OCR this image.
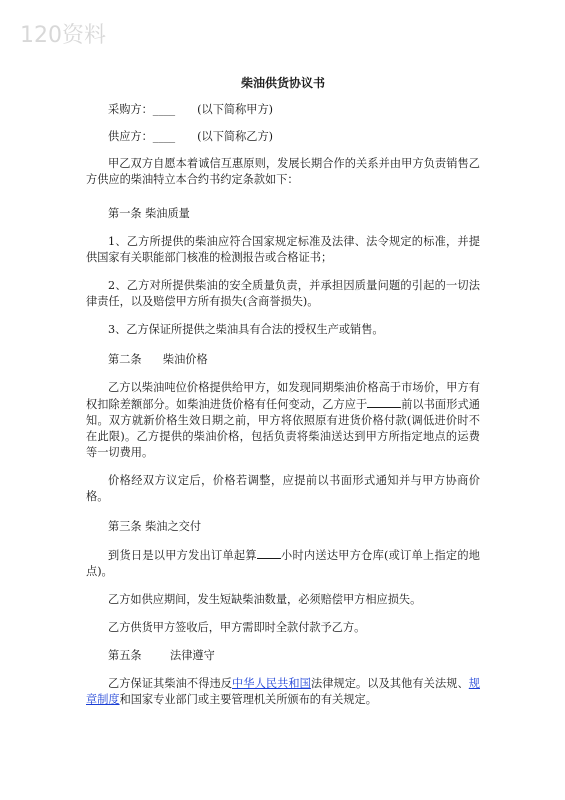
120资料

柴油供货协议书

采购方：____ (以下简称甲方)

供应方：____ (以下简称乙方)

甲乙双方自愿本着诚信互惠原则，发展长期合作的关系并由甲方负责销售乙方供应的柴油特立本合约书约定条款如下：

第一条 柴油质量

1、乙方所提供的柴油应符合国家规定标准及法律、法令规定的标准，并提供国家有关职能部门核准的检测报告或合格证书；

2、乙方对所提供柴油的安全质量负责，并承担因质量问题的引起的一切法律责任，以及赔偿甲方所有损失(含商誉损失)。

3、乙方保证所提供之柴油具有合法的授权生产或销售。

第二条      柴油价格

乙方以柴油吨位价格提供给甲方，如发现同期柴油价格高于市场价，甲方有权扣除差额部分。如柴油进货价格有任何变动，乙方应于	前以书面形式通知。双方就新价格生效日期之前，甲方将依照原有进货价格付款(调低进价时不在此限)。乙方提供的柴油价格，包括负责将柴油送达到甲方所指定地点的运费等一切费用。

价格经双方议定后，价格若调整，应提前以书面形式通知并与甲方协商价格。

第三条 柴油之交付

到货日是以甲方发出订单起算 小时内送达甲方仓库(或订单上指定的地点)。

乙方如供应期间，发生短缺柴油数量，必须赔偿甲方相应损失。

乙方供货甲方签收后，甲方需即时全款付款予乙方。

第五条        法律遵守

乙方保证其柴油不得违反中华人民共和国法律规定。以及其他有关法规、规章制度和国家专业部门或主要管理机关所颁布的有关规定。
